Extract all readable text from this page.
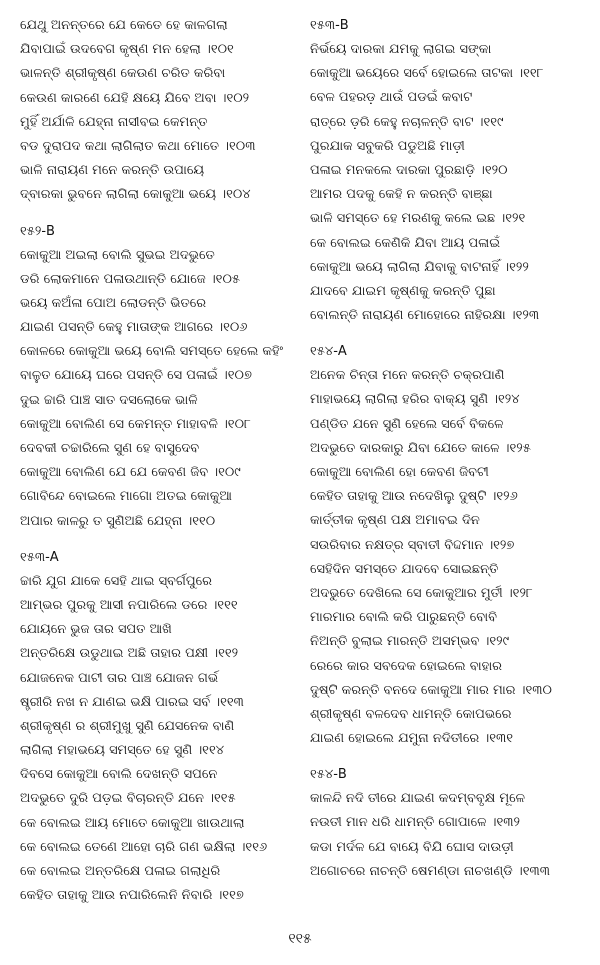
ଯେଥୁ ଅନନ୍ତରେ ଯେ କେତେ ହେ କାଳଗଲା
ଯିବାପାଇଁ ଉଦବେଗ କୃଷ୍ଣ ମନ ହେଲା ।୧୦୧
ଭାଳନ୍ତି ଶ୍ରୀକୃଷ୍ଣ କେଉଣ ଚରିତ କରିବା
କେଉଣ କାରଣେ ଯେହି କ୍ଷୟେ ଯିବେ ଅବା ।୧୦୨
ମୁହିଁ ଅର୍ଯାଳି ଯେହ୍ନା ନାସୀବଇ କେମନ୍ତ
ବଡ ଦୁରାପଦ କଥା ଲାଗିଲାତ କଥା ମୋତେ ।୧୦୩
ଭାଳି ନାରାୟଣ ମନେ କରନ୍ତି ଉପାୟେ
ଦ୍ବାରକା ଭୁବନେ ଲାଗିଲା କୋକୁଆ ଭୟେ ।୧୦୪
୧୫୨-B
କୋକୁଆ ଅଇଲା ବୋଲି ସୁଭଇ ଅଦଭୁତେ
ଡରି ଲୋକମାନେ ପଳାଉଥାନ୍ତି ଯୋଜେ ।୧୦୫
ଭୟେ କଅଁଳା ପୋଅ ଲୋଡନ୍ତି ଭିତରେ
ଯାଇଣ ପସନ୍ତି କେହୁ ମାତାଙ୍କ ଆଗରେ ।୧୦୬
କୋଳରେ କୋକୁଆ ଭୟେ ବୋଲି ସମସ୍ତେ ହେଲେ କହିଂ
ବାଳୁତ ଯୋୟେ ଘରେ ପସନ୍ତି ସେ ପଳାଇଁ ।୧୦୭
ଦୁଇ ଚ୍ଚାରି ପାଞ୍ଚ ସାତ ଦସଲୋକେ ଭାଳି
କୋକୁଆ ବୋଲିଣ ସେ କେମନ୍ତ ମାହାବଳି ।୧୦୮
ଦେବକୀ ଚଚ୍ଚାରିଲେ ସୁଣ ହେ ବାସୁଦେବ
କୋକୁଆ ବୋଲିଣ ଯେ ଯେ କେବଣ ଜିବ ।୧୦୯
ଗୋବିନ୍ଦେ ବୋଇଲେ ମାଗୋ ଅତଇ କୋକୁଆ
ଅପାର କାଳରୁ ତ ସୁଣିଅଛି ଯେହ୍ନା ।୧୧୦
୧୫୩-A
ଚ୍ଚାରି ଯୁଗ ଯାକେ ସେହି ଥାଇ ସ୍ବର୍ଗପୁରେ
ଆମ୍ଭର ପୁରକୁ ଆସୀ ନପାରିଲେ ଡରେ ।୧୧୧
ଯୋୟନେ ଭୁଜ ତାର ସପତ ଆଖି
ଅନ୍ତରିକ୍ଷେ ଉଡୁଥାଇ ଅଛି ତାହାର ପକ୍ଷୀ ।୧୧୨
ଯୋଜନେକ ପାଟୀ ତାର ପାଞ୍ଚ ଯୋଜନ ଗର୍ଭ
ଷ୍ତ୍ରୀରି ନଖ ନ ଯାଣଇ ଭକ୍ଷି ପାରଇ ସର୍ବ ।୧୧୩
ଶ୍ରୀକୃଷ୍ଣ ର ଶ୍ରୀମୁଖୁ ସୁଣି ଯେସନେକ ବାଣି
ଲାଗିଲା ମହାଭୟେ ସମସ୍ତେ ହେ ସୁଣି ।୧୧୪
ଦିବସେ କୋକୁଆ ବୋଲି ଦେଖନ୍ତି ସପନେ
ଅଦଭୁତେ ଦୁରି ପଡ଼ଇ ବିଚାରନ୍ତି ଯନେ ।୧୧୫
କେ ବୋଲଇ ଆୟ ମୋତେ କୋକୁଆ ଖାଉଥାଲା
କେ ବୋଲଇ ତେଣେ ଆହୋ ଚାରି ଗଣ ଭକ୍ଷିଲା ।୧୧୬
କେ ବୋଲଇ ଅନ୍ତରିକ୍ଷେ ପଳାଇ ଗଲାଧିରି
କେହିତ ତାହାକୁ ଆଉ ନପାରିଲେନି ନିବାରି ।୧୧୭
୧୫୩-B
ନିର୍ଭୟେ ଦାରକା ଯମକୁ ଲାଗଇ ସଙ୍କା
କୋକୁଆ ଭୟେରେ ସର୍ବେ ହୋଇଲେ ତାଟକା ।୧୧୮
ବେଳ ପହରଡ଼ ଥାଉଁ ପଡଇଁ କବାଟ
ରାତ୍ରେ ଡ଼ରି କେହୁ ନଚାଳନ୍ତି ବାଟ ।୧୧୯
ପୁରଯାକ ସବୁକରି ପଡୁଅଛି ମାଡ଼ୀ
ପଳାଇ ମନକଲେ ଦାରକା ପୁରଛାଡ଼ି ।୧୨୦
ଆମର ପଦକୁ କେହି ନ କରନ୍ତି ବାଞ୍ଛା
ଭାଳି ସମସ୍ତେ ହେ ମରଣକୁ କଲେ ଇଛ ।୧୨୧
କେ ବୋଲଇ କେଣିକି ଯିବା ଆୟ ପଳାଇଁ
କୋକୁଆ ଭୟେ ଲାଗିଲା ଯିବାକୁ ବାଟନାହିଁ ।୧୨୨
ଯାଦବେ ଯାଇମ କୃଷ୍ଣକୁ କରନ୍ତି ପୁଛା
ବୋଲନ୍ତି ନାରାୟଣ ମୋହୋରେ ନାହିରକ୍ଷା ।୧୨୩
୧୫୪-A
ଅନେକ ଚିନ୍ତା ମନେ କରନ୍ତି ଚକ୍ରପାଣି
ମାହାଭୟେ ଲାଗିଲା ହରିର ବାକ୍ୟ ସୁଣି ।୧୨୪
ପଣ୍ଡିତ ଯନେ ସୁଣି ହେଲେ ସର୍ବେ ବିକଳେ
ଅଦଭୁତେ ଦାରକାରୁ ଯିବା ଯେତେ କାଳେ ।୧୨୫
କୋକୁଆ ବୋଲିଣ ହୋ କେବଣ ଜିବଟୀ
କେହିତ ତାହାକୁ ଆଉ ନଦେଖିଲୁ ଦୁଷ୍ଟି ।୧୨୬
କାର୍ତ୍ତୀକ କୃଷ୍ଣ ପକ୍ଷ ଅମାବଇ ଦିନ
ସଉରିବାର ନକ୍ଷତ୍ର ସ୍ବାତୀ ବିଦ୍ଦମାନ ।୧୨୭
ସେହିଦିନ ସମସ୍ତେ ଯାଦବେ ସୋଇଛନ୍ତି
ଅଦଭୁତେ ଦେଖିଲେ ସେ କୋକୁଆର ମୁର୍ତୀ ।୧୨୮
ମାରମାର ବୋଲି କରି ପାରୁଛନ୍ତି ବୋବି
ନିଅନ୍ତି ବୁଲାଇ ମାରନ୍ତି ଅସମ୍ଭବ ।୧୨୯
ରେରେ କାର ସବଦେକ ହୋଇଲେ ବାହାର
ଦୁଷ୍ଟି କରନ୍ତି ବନଦେ କୋକୁଆ ମାର ମାର ।୧୩୦
ଶ୍ରୀକୃଷ୍ଣ ବଳଦେବ ଧାମନ୍ତି କୋପଭରେ
ଯାଇଣ ହୋଇଲେ ଯମୁନା ନଦିତୀରେ ।୧୩୧
୧୫୪-B
କାଳନ୍ଦି ନଦି ତୀରେ ଯାଇଣ କଦମ୍ବବୃକ୍ଷ ମୂଳେ
ନଉତୀ ମାନ ଧରି ଧାମନ୍ତି ଗୋପାଳେ ।୧୩୨
କଡା ମର୍ଦଳ ଯେ ବାୟେ ବିଯି ଘୋସ ଦାଉଡ଼ୀ
ଅଗୋଚରେ ନାଚନ୍ତି ଷେମଣ୍ଡା ନାଚଖଣ୍ଡି ।୧୩୩
୧୧୫
